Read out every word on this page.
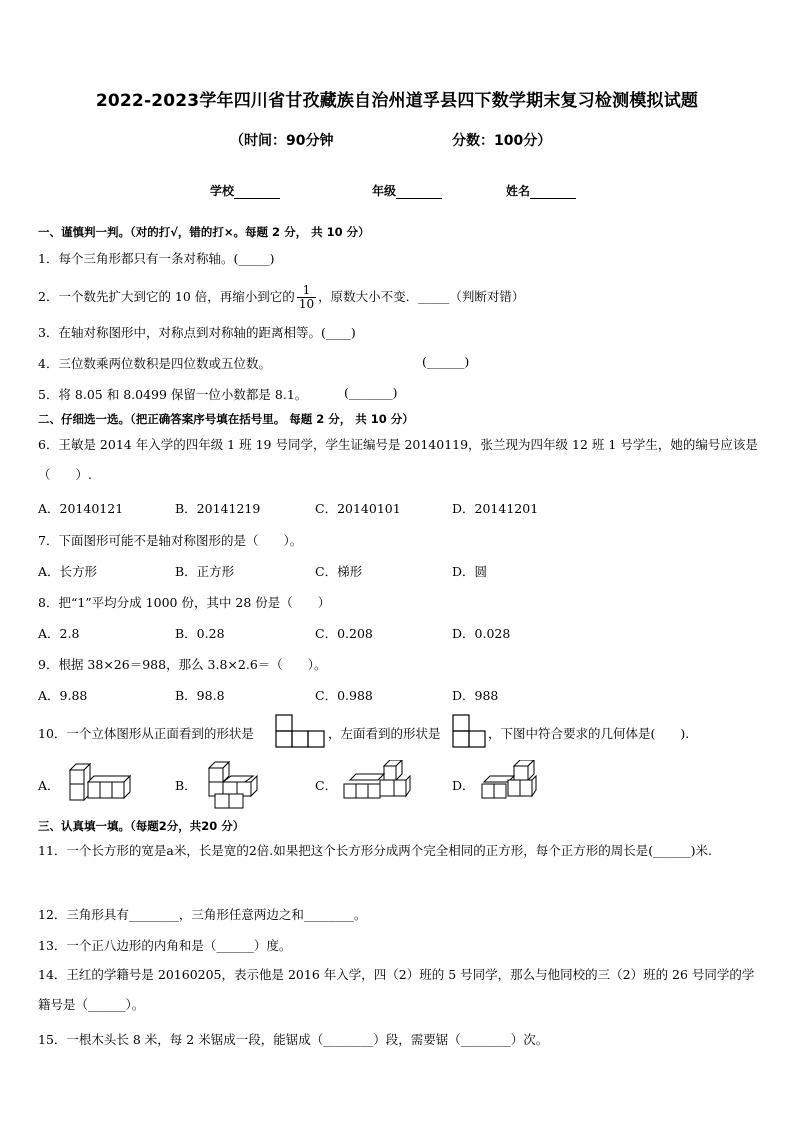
2022-2023学年四川省甘孜藏族自治州道孚县四下数学期末复习检测模拟试题
（时间：90分钟	分数：100分）
学校	年级	姓名
一、谨慎判一判。（对的打√，错的打×。每题 2 分， 共 10 分）
1．每个三角形都只有一条对称轴。(_____)
2．一个数先扩大到它的 10 倍，再缩小到它的 $\frac{1}{10}$ ，原数大小不变．_____（判断对错）
3．在轴对称图形中，对称点到对称轴的距离相等。(____)
4．三位数乘两位数积是四位数或五位数。	(______)
5．将 8.05 和 8.0499 保留一位小数都是 8.1。	(_______)
二、仔细选一选。（把正确答案序号填在括号里。 每题 2 分， 共 10 分）
6．王敏是 2014 年入学的四年级 1 班 19 号同学，学生证编号是 20140119，张兰现为四年级 12 班 1 号学生，她的编号应该是（　　）.
A．20140121	B．20141219	C．20140101	D．20141201
7．下面图形可能不是轴对称图形的是（　　）。
A．长方形	B．正方形	C．梯形	D．圆
8．把“1”平均分成 1000 份，其中 28 份是（　　）
A．2.8	B．0.28	C．0.208	D．0.028
9．根据 38×26＝988，那么 3.8×2.6＝（　　）。
A．9.88	B．98.8	C．0.988	D．988
10．一个立体图形从正面看到的形状是	，左面看到的形状是	，下图中符合要求的几何体是(　　).
A．	B．	C．	D．
三、认真填一填。（每题2分，共20 分）
11．一个长方形的宽是a米，长是宽的2倍.如果把这个长方形分成两个完全相同的正方形，每个正方形的周长是(______)米.
12．三角形具有________，三角形任意两边之和________。
13．一个正八边形的内角和是（______）度。
14．王红的学籍号是 20160205，表示他是 2016 年入学，四（2）班的 5 号同学，那么与他同校的三（2）班的 26 号同学的学籍号是（______）。
15．一根木头长 8 米，每 2 米锯成一段，能锯成（________）段，需要锯（________）次。
